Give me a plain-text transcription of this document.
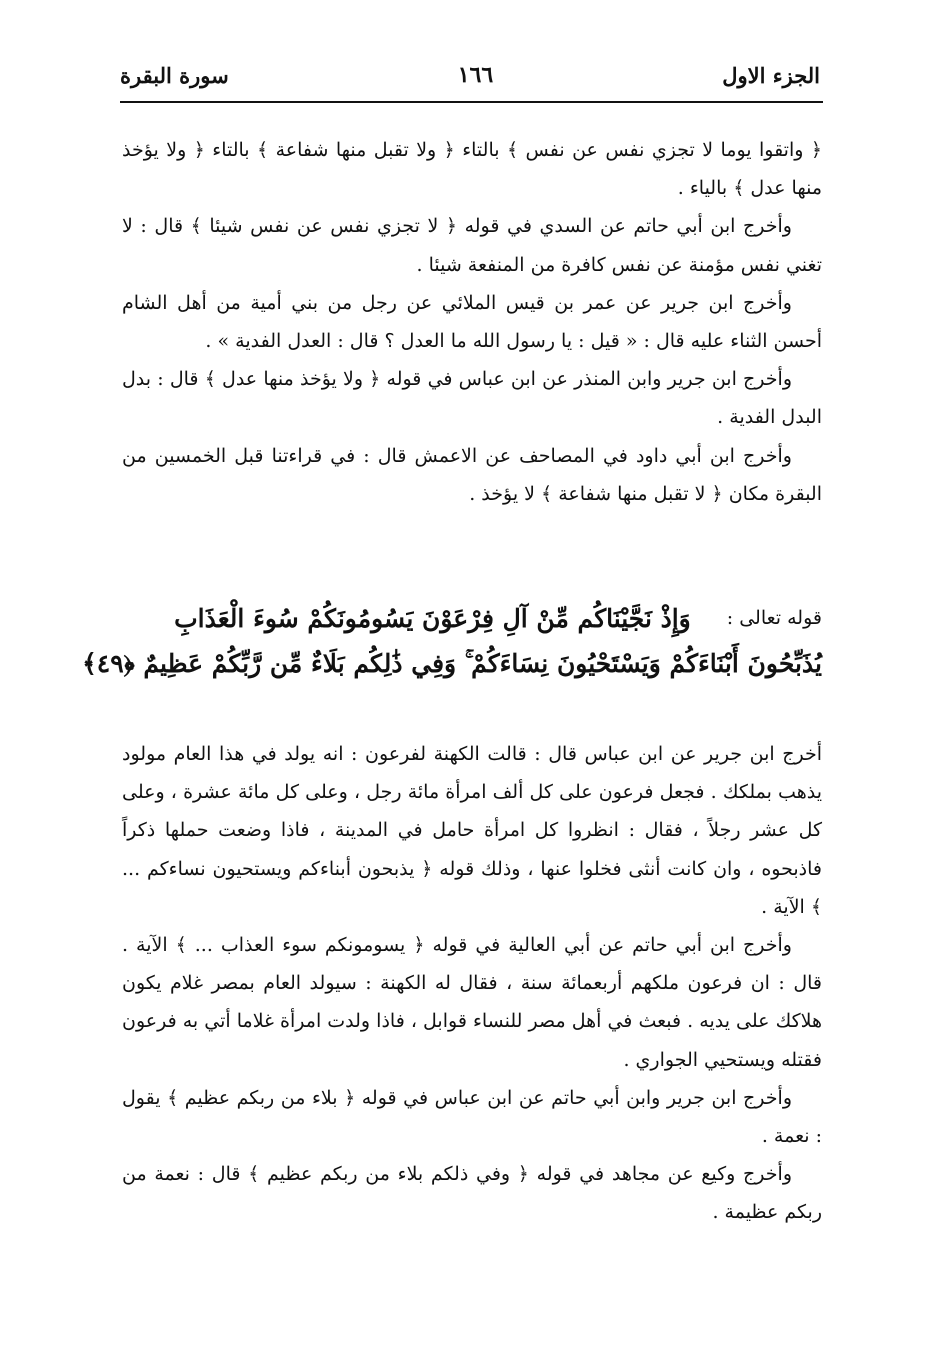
الجزء الاول
١٦٦
سورة البقرة

﴿ واتقوا يوما لا تجزي نفس عن نفس ﴾ بالتاء ﴿ ولا تقبل منها شفاعة ﴾ بالتاء ﴿ ولا يؤخذ منها عدل ﴾ بالياء .

وأخرج ابن أبي حاتم عن السدي في قوله ﴿ لا تجزي نفس عن نفس شيئا ﴾ قال : لا تغني نفس مؤمنة عن نفس كافرة من المنفعة شيئا .

وأخرج ابن جرير عن عمر بن قيس الملائي عن رجل من بني أمية من أهل الشام أحسن الثناء عليه قال : « قيل : يا رسول الله ما العدل ؟ قال : العدل الفدية » .

وأخرج ابن جرير وابن المنذر عن ابن عباس في قوله ﴿ ولا يؤخذ منها عدل ﴾ قال : بدل البدل الفدية .

وأخرج ابن أبي داود في المصاحف عن الاعمش قال : في قراءتنا قبل الخمسين من البقرة مكان ﴿ لا تقبل منها شفاعة ﴾ لا يؤخذ .

قوله تعالى :
وَإِذْ نَجَّيْنَاكُم مِّنْ آلِ فِرْعَوْنَ يَسُومُونَكُمْ سُوءَ الْعَذَابِ
يُذَبِّحُونَ أَبْنَاءَكُمْ وَيَسْتَحْيُونَ نِسَاءَكُمْ ۚ وَفِي ذَٰلِكُم بَلَاءٌ مِّن رَّبِّكُمْ عَظِيمٌ ﴿٤٩﴾

أخرج ابن جرير عن ابن عباس قال : قالت الكهنة لفرعون : انه يولد في هذا العام مولود يذهب بملكك . فجعل فرعون على كل ألف امرأة مائة رجل ، وعلى كل مائة عشرة ، وعلى كل عشر رجلاً ، فقال : انظروا كل امرأة حامل في المدينة ، فاذا وضعت حملها ذكراً فاذبحوه ، وان كانت أنثى فخلوا عنها ، وذلك قوله ﴿ يذبحون أبناءكم ويستحيون نساءكم ... ﴾ الآية .

وأخرج ابن أبي حاتم عن أبي العالية في قوله ﴿ يسومونكم سوء العذاب ... ﴾ الآية . قال : ان فرعون ملكهم أربعمائة سنة ، فقال له الكهنة : سيولد العام بمصر غلام يكون هلاكك على يديه . فبعث في أهل مصر للنساء قوابل ، فاذا ولدت امرأة غلاما أتي به فرعون فقتله ويستحيي الجواري .

وأخرج ابن جرير وابن أبي حاتم عن ابن عباس في قوله ﴿ بلاء من ربكم عظيم ﴾ يقول : نعمة .

وأخرج وكيع عن مجاهد في قوله ﴿ وفي ذلكم بلاء من ربكم عظيم ﴾ قال : نعمة من ربكم عظيمة .
